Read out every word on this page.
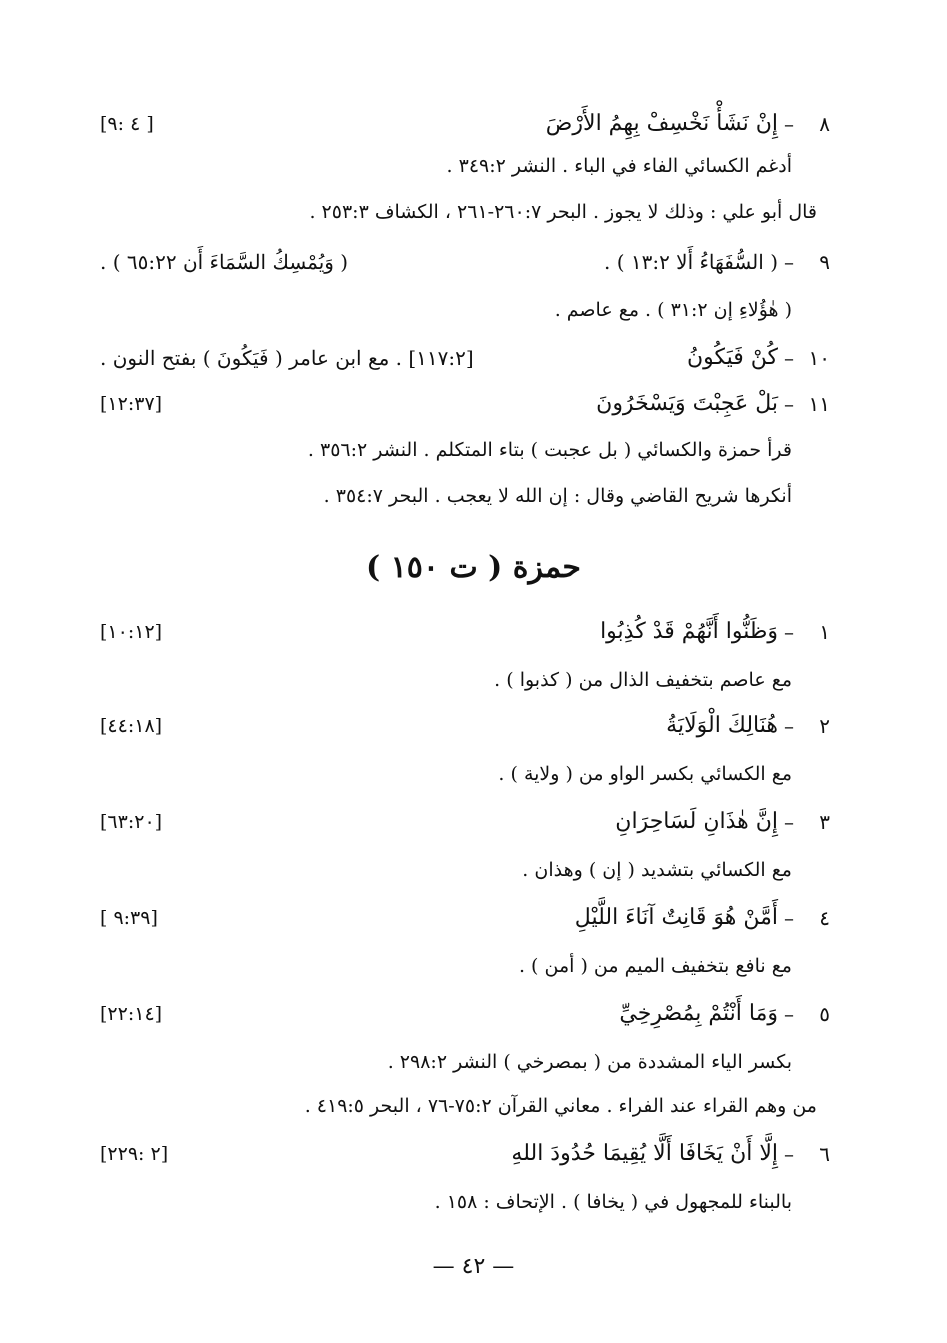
٨
–
إِنْ نَشَأْ نَخْسِفْ بِهِمُ الأَرْضَ
[٤ :٩ ]
أدغم الكسائي الفاء في الباء . النشر ٣٤٩:٢ .
قال أبو علي : وذلك لا يجوز . البحر ٢٦٠:٧-٢٦١ ، الكشاف ٢٥٣:٣ .
٩
–
( السُّفَهَاءُ أَلا ١٣:٢ ) .
( وَيُمْسِكُ السَّمَاءَ أَن ٦٥:٢٢ ) .
( هٰؤُلاءِ إن ٣١:٢ ) . مع عاصم .
١٠
–
كُنْ فَيَكُونُ
[١١٧:٢] . مع ابن عامر ( فَيَكُونَ ) بفتح النون .
١١
–
بَلْ عَجِبْتَ وَيَسْخَرُونَ
[١٢:٣٧]
قرأ حمزة والكسائي ( بل عجبت ) بتاء المتكلم . النشر ٣٥٦:٢ .
أنكرها شريح القاضي وقال : إن الله لا يعجب . البحر ٣٥٤:٧ .
حمزة ( ت ١٥٠ )
١
–
وَظَنُّوا أَنَّهُمْ قَدْ كُذِبُوا
[١٠:١٢]
مع عاصم بتخفيف الذال من ( كذبوا ) .
٢
–
هُنَالِكَ الْوَلَايَةُ
[٤٤:١٨]
مع الكسائي بكسر الواو من ( ولاية ) .
٣
–
إِنَّ هٰذَانِ لَسَاحِرَانِ
[٦٣:٢٠]
مع الكسائي بتشديد ( إن ) وهذان .
٤
–
أَمَّنْ هُوَ قَانِتٌ آنَاءَ اللَّيْلِ
[ ٩:٣٩]
مع نافع بتخفيف الميم من ( أمن ) .
٥
–
وَمَا أَنْتُمْ بِمُصْرِخِيِّ
[٢٢:١٤]
بكسر الياء المشددة من ( بمصرخي ) النشر ٢٩٨:٢ .
من وهم القراء عند الفراء . معاني القرآن ٧٥:٢-٧٦ ، البحر ٤١٩:٥ .
٦
–
إِلَّا أَنْ يَخَافَا أَلَّا يُقِيمَا حُدُودَ اللهِ
[٢ :٢٢٩]
بالبناء للمجهول في ( يخافا ) . الإتحاف : ١٥٨ .
— ٤٢ —
